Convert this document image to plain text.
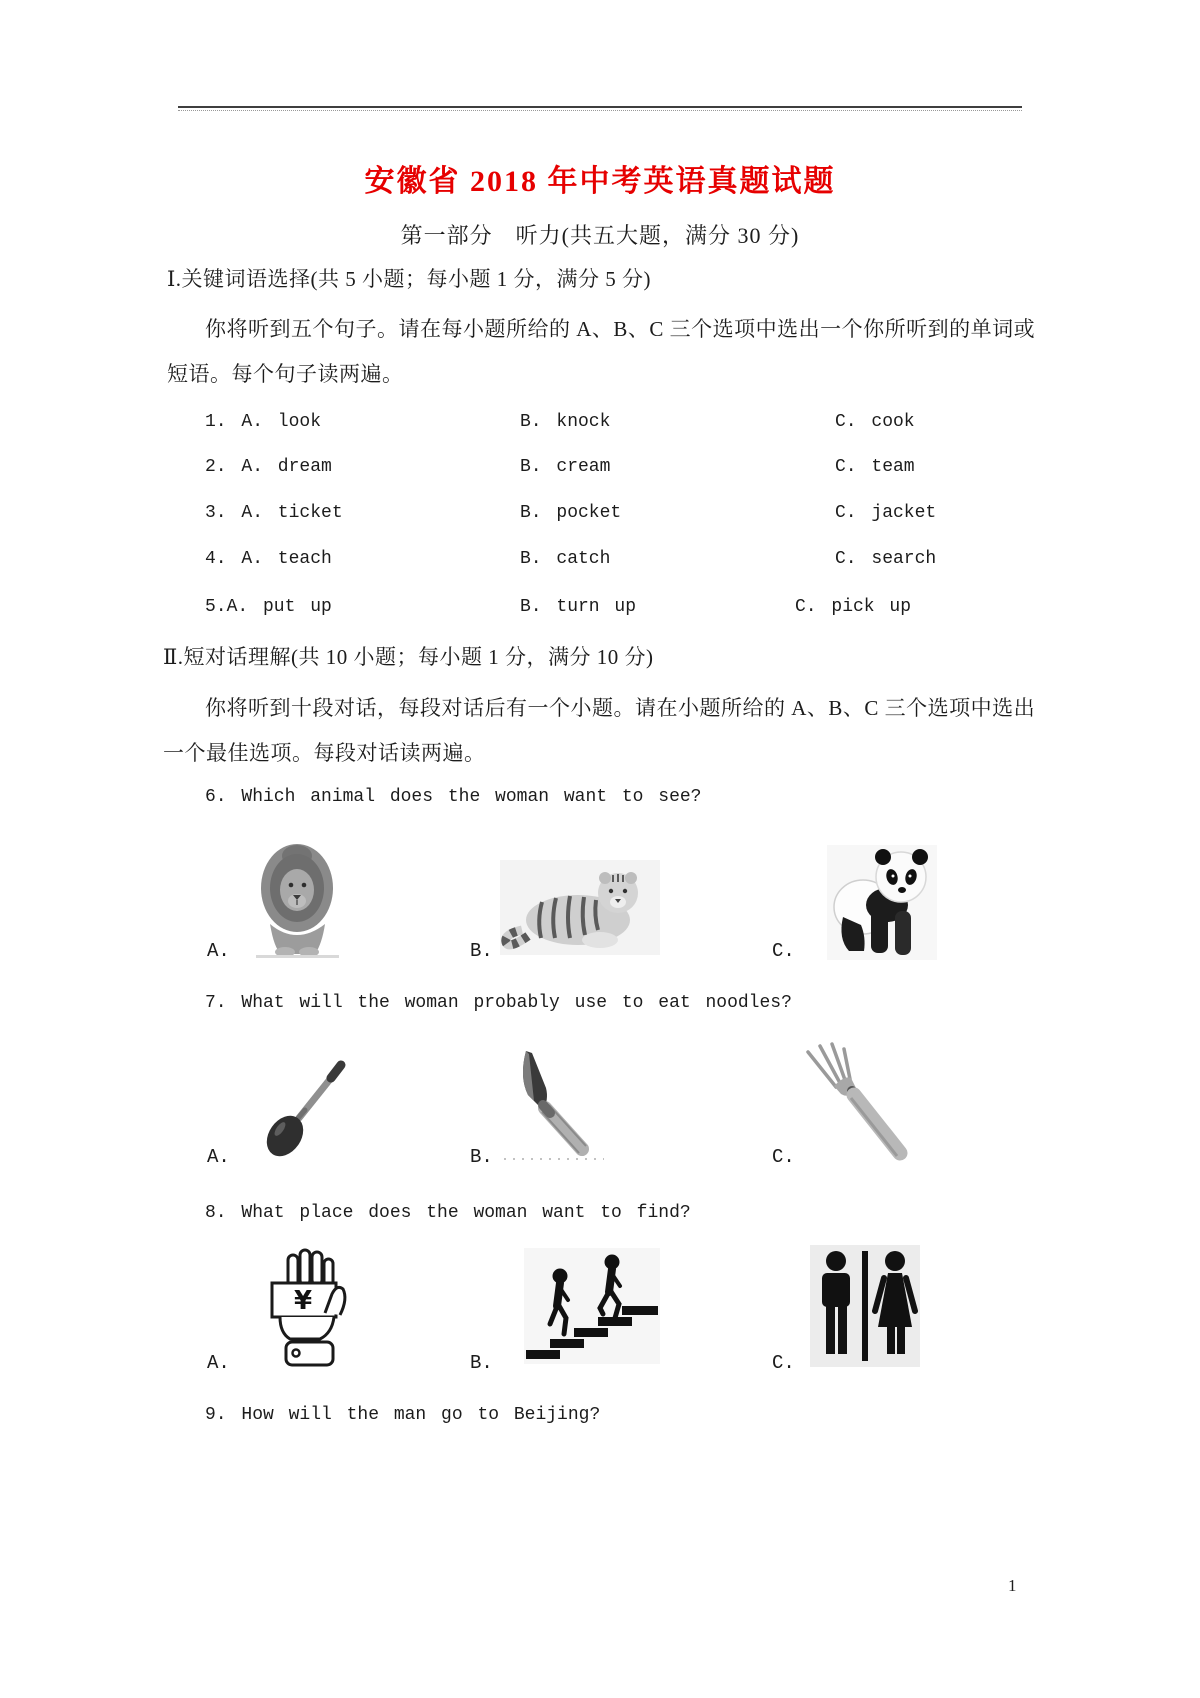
安徽省 2018 年中考英语真题试题
第一部分　听力(共五大题，满分 30 分)
Ⅰ.关键词语选择(共 5 小题；每小题 1 分，满分 5 分)
你将听到五个句子。请在每小题所给的 A、B、C 三个选项中选出一个你所听到的单词或
短语。每个句子读两遍。
1. A. look	B. knock	C. cook
2. A. dream	B. cream	C. team
3. A. ticket	B. pocket	C. jacket
4. A. teach	B. catch	C. search
5.A. put up	B. turn up	C. pick up
Ⅱ.短对话理解(共 10 小题；每小题 1 分，满分 10 分)
你将听到十段对话，每段对话后有一个小题。请在小题所给的 A、B、C 三个选项中选出
一个最佳选项。每段对话读两遍。
6. Which animal does the woman want to see?
A.	B.	C.
7. What will the woman probably use to eat noodles?
A.	B.	C.
8. What place does the woman want to find?
¥
A.	B.	C.
9. How will the man go to Beijing?
1
